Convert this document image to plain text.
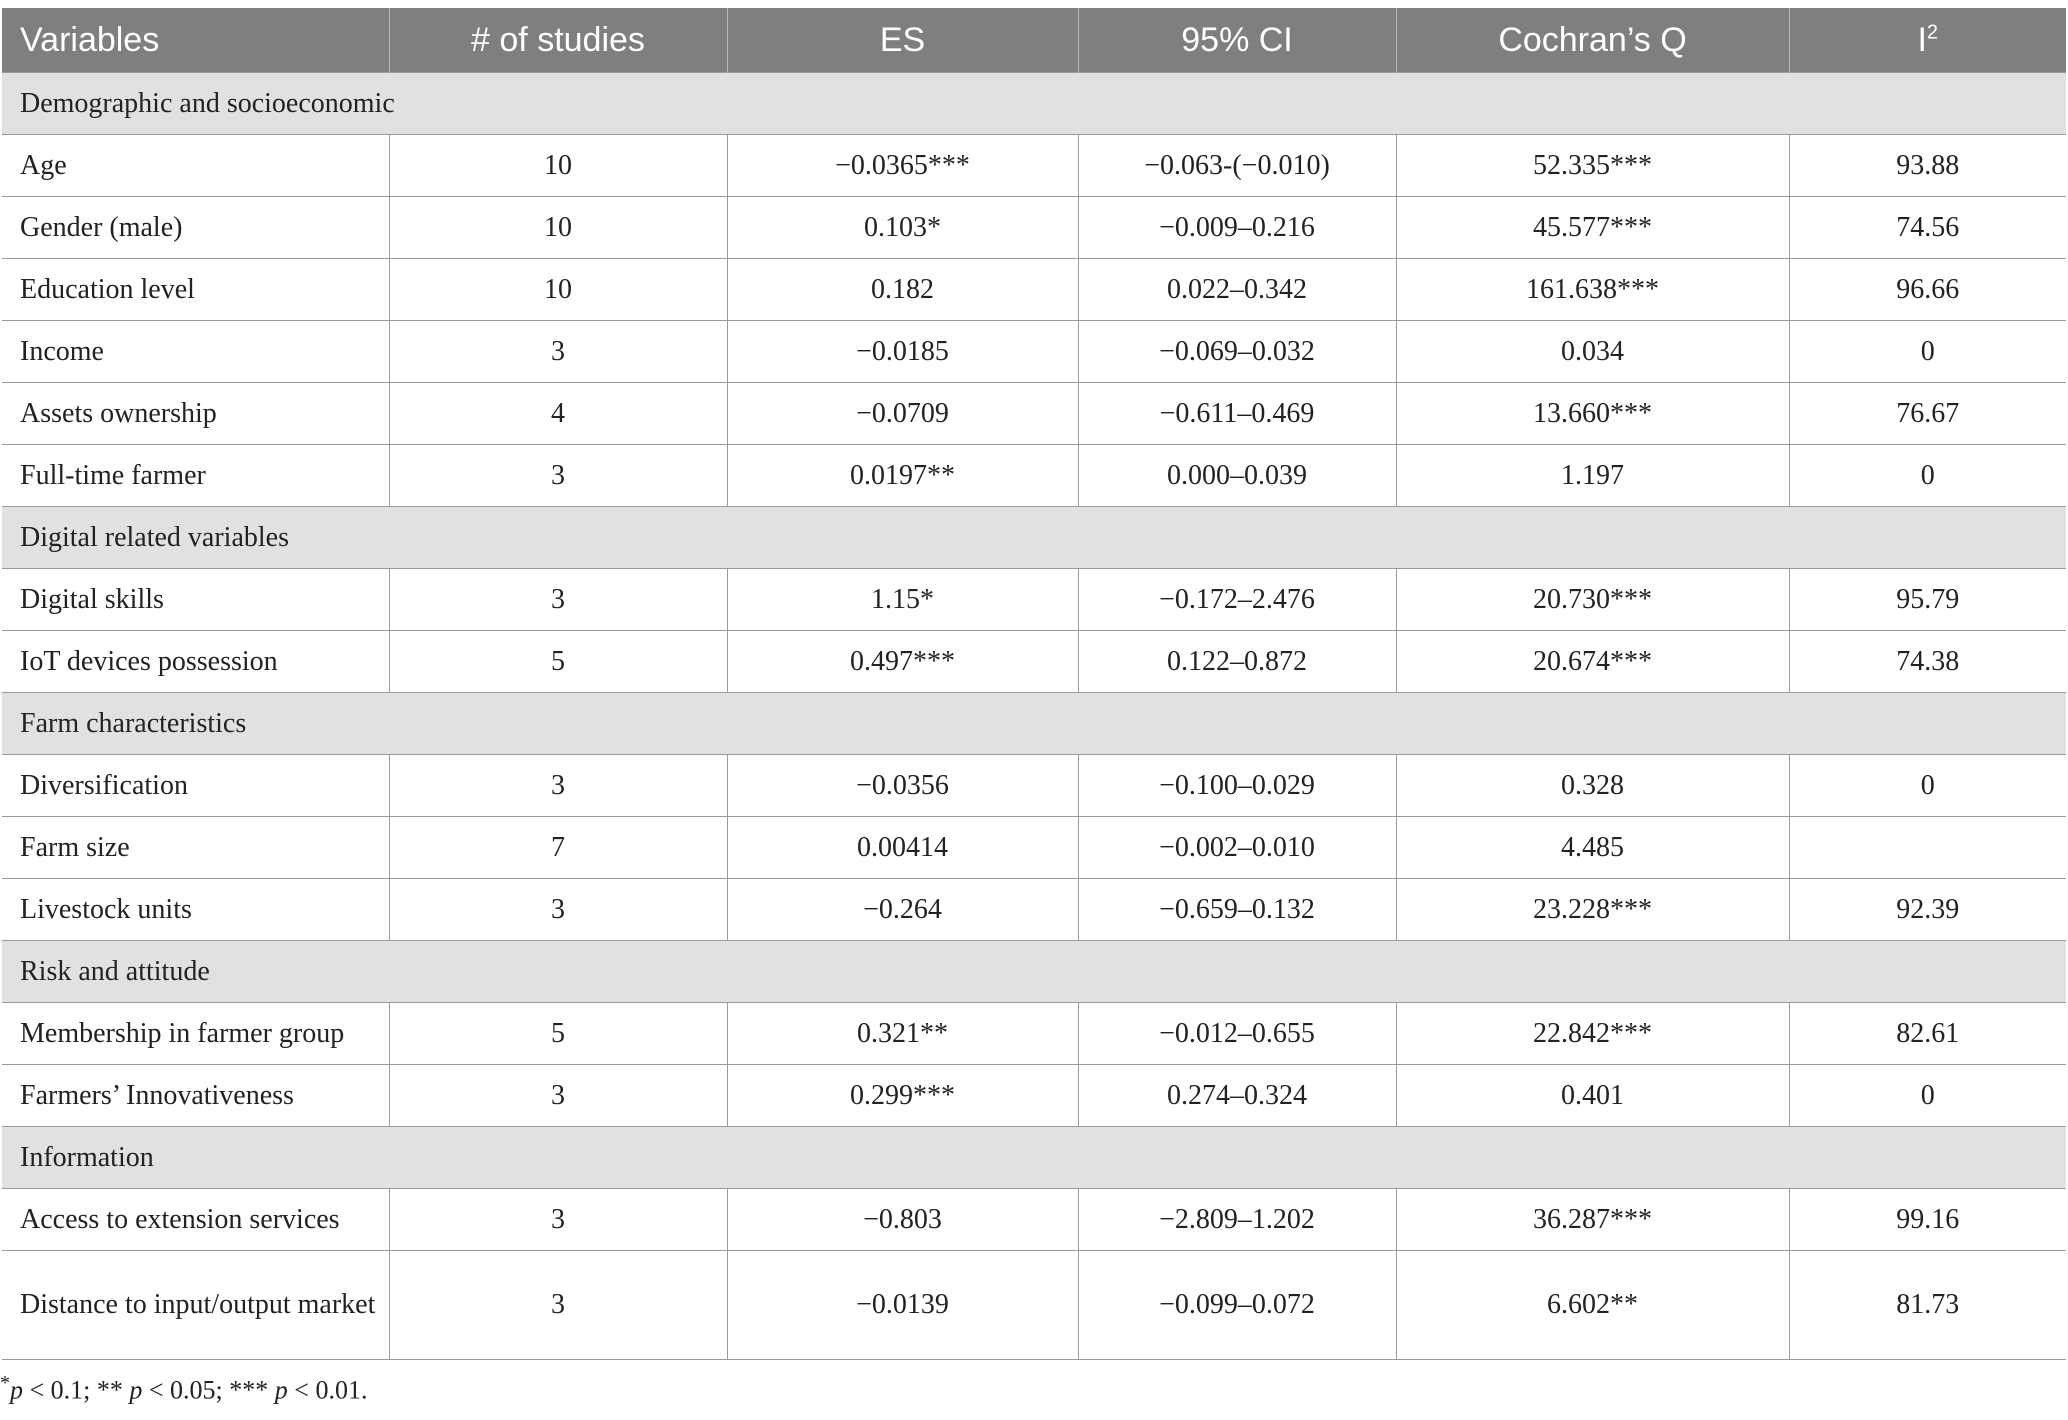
Variables	# of studies	ES	95% CI	Cochran’s Q	$I^2$
Demographic and socioeconomic					
Age	10	−0.0365***	−0.063-(−0.010)	52.335***	93.88
Gender (male)	10	0.103*	−0.009–0.216	45.577***	74.56
Education level	10	0.182	0.022–0.342	161.638***	96.66
Income	3	−0.0185	−0.069–0.032	0.034	0
Assets ownership	4	−0.0709	−0.611–0.469	13.660***	76.67
Full-time farmer	3	0.0197**	0.000–0.039	1.197	0
Digital related variables					
Digital skills	3	1.15*	−0.172–2.476	20.730***	95.79
IoT devices possession	5	0.497***	0.122–0.872	20.674***	74.38
Farm characteristics					
Diversification	3	−0.0356	−0.100–0.029	0.328	0
Farm size	7	0.00414	−0.002–0.010	4.485	
Livestock units	3	−0.264	−0.659–0.132	23.228***	92.39
Risk and attitude					
Membership in farmer group	5	0.321**	−0.012–0.655	22.842***	82.61
Farmers’ Innovativeness	3	0.299***	0.274–0.324	0.401	0
Information					
Access to extension services	3	−0.803	−2.809–1.202	36.287***	99.16
Distance to input/output market	3	−0.0139	−0.099–0.072	6.602**	81.73
*p < 0.1; ** p < 0.05; *** p < 0.01.
